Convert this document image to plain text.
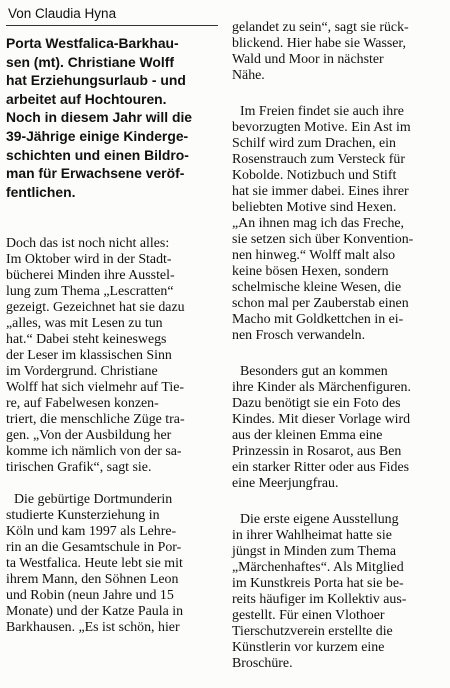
Von Claudia Hyna
Porta Westfalica-Barkhau-
sen (mt). Christiane Wolff
hat Erziehungsurlaub - und
arbeitet auf Hochtouren.
Noch in diesem Jahr will die
39-Jährige einige Kinderge-
schichten und einen Bildro-
man für Erwachsene veröf-
fentlichen.

Doch das ist noch nicht alles:
Im Oktober wird in der Stadt-
bücherei Minden ihre Ausstel-
lung zum Thema „Lescratten“
gezeigt. Gezeichnet hat sie dazu
„alles, was mit Lesen zu tun
hat.“ Dabei steht keineswegs
der Leser im klassischen Sinn
im Vordergrund. Christiane
Wolff hat sich vielmehr auf Tie-
re, auf Fabelwesen konzen-
triert, die menschliche Züge tra-
gen. „Von der Ausbildung her
komme ich nämlich von der sa-
tirischen Grafik“, sagt sie.

Die gebürtige Dortmunderin
studierte Kunsterziehung in
Köln und kam 1997 als Lehre-
rin an die Gesamtschule in Por-
ta Westfalica. Heute lebt sie mit
ihrem Mann, den Söhnen Leon
und Robin (neun Jahre und 15
Monate) und der Katze Paula in
Barkhausen. „Es ist schön, hier

gelandet zu sein“, sagt sie rück-
blickend. Hier habe sie Wasser,
Wald und Moor in nächster
Nähe.

Im Freien findet sie auch ihre
bevorzugten Motive. Ein Ast im
Schilf wird zum Drachen, ein
Rosenstrauch zum Versteck für
Kobolde. Notizbuch und Stift
hat sie immer dabei. Eines ihrer
beliebten Motive sind Hexen.
„An ihnen mag ich das Freche,
sie setzen sich über Konvention-
nen hinweg.“ Wolff malt also
keine bösen Hexen, sondern
schelmische kleine Wesen, die
schon mal per Zauberstab einen
Macho mit Goldkettchen in ei-
nen Frosch verwandeln.

Besonders gut an kommen
ihre Kinder als Märchenfiguren.
Dazu benötigt sie ein Foto des
Kindes. Mit dieser Vorlage wird
aus der kleinen Emma eine
Prinzessin in Rosarot, aus Ben
ein starker Ritter oder aus Fides
eine Meerjungfrau.

Die erste eigene Ausstellung
in ihrer Wahlheimat hatte sie
jüngst in Minden zum Thema
„Märchenhaftes“. Als Mitglied
im Kunstkreis Porta hat sie be-
reits häufiger im Kollektiv aus-
gestellt. Für einen Vlothoer
Tierschutzverein erstellte die
Künstlerin vor kurzem eine
Broschüre.
